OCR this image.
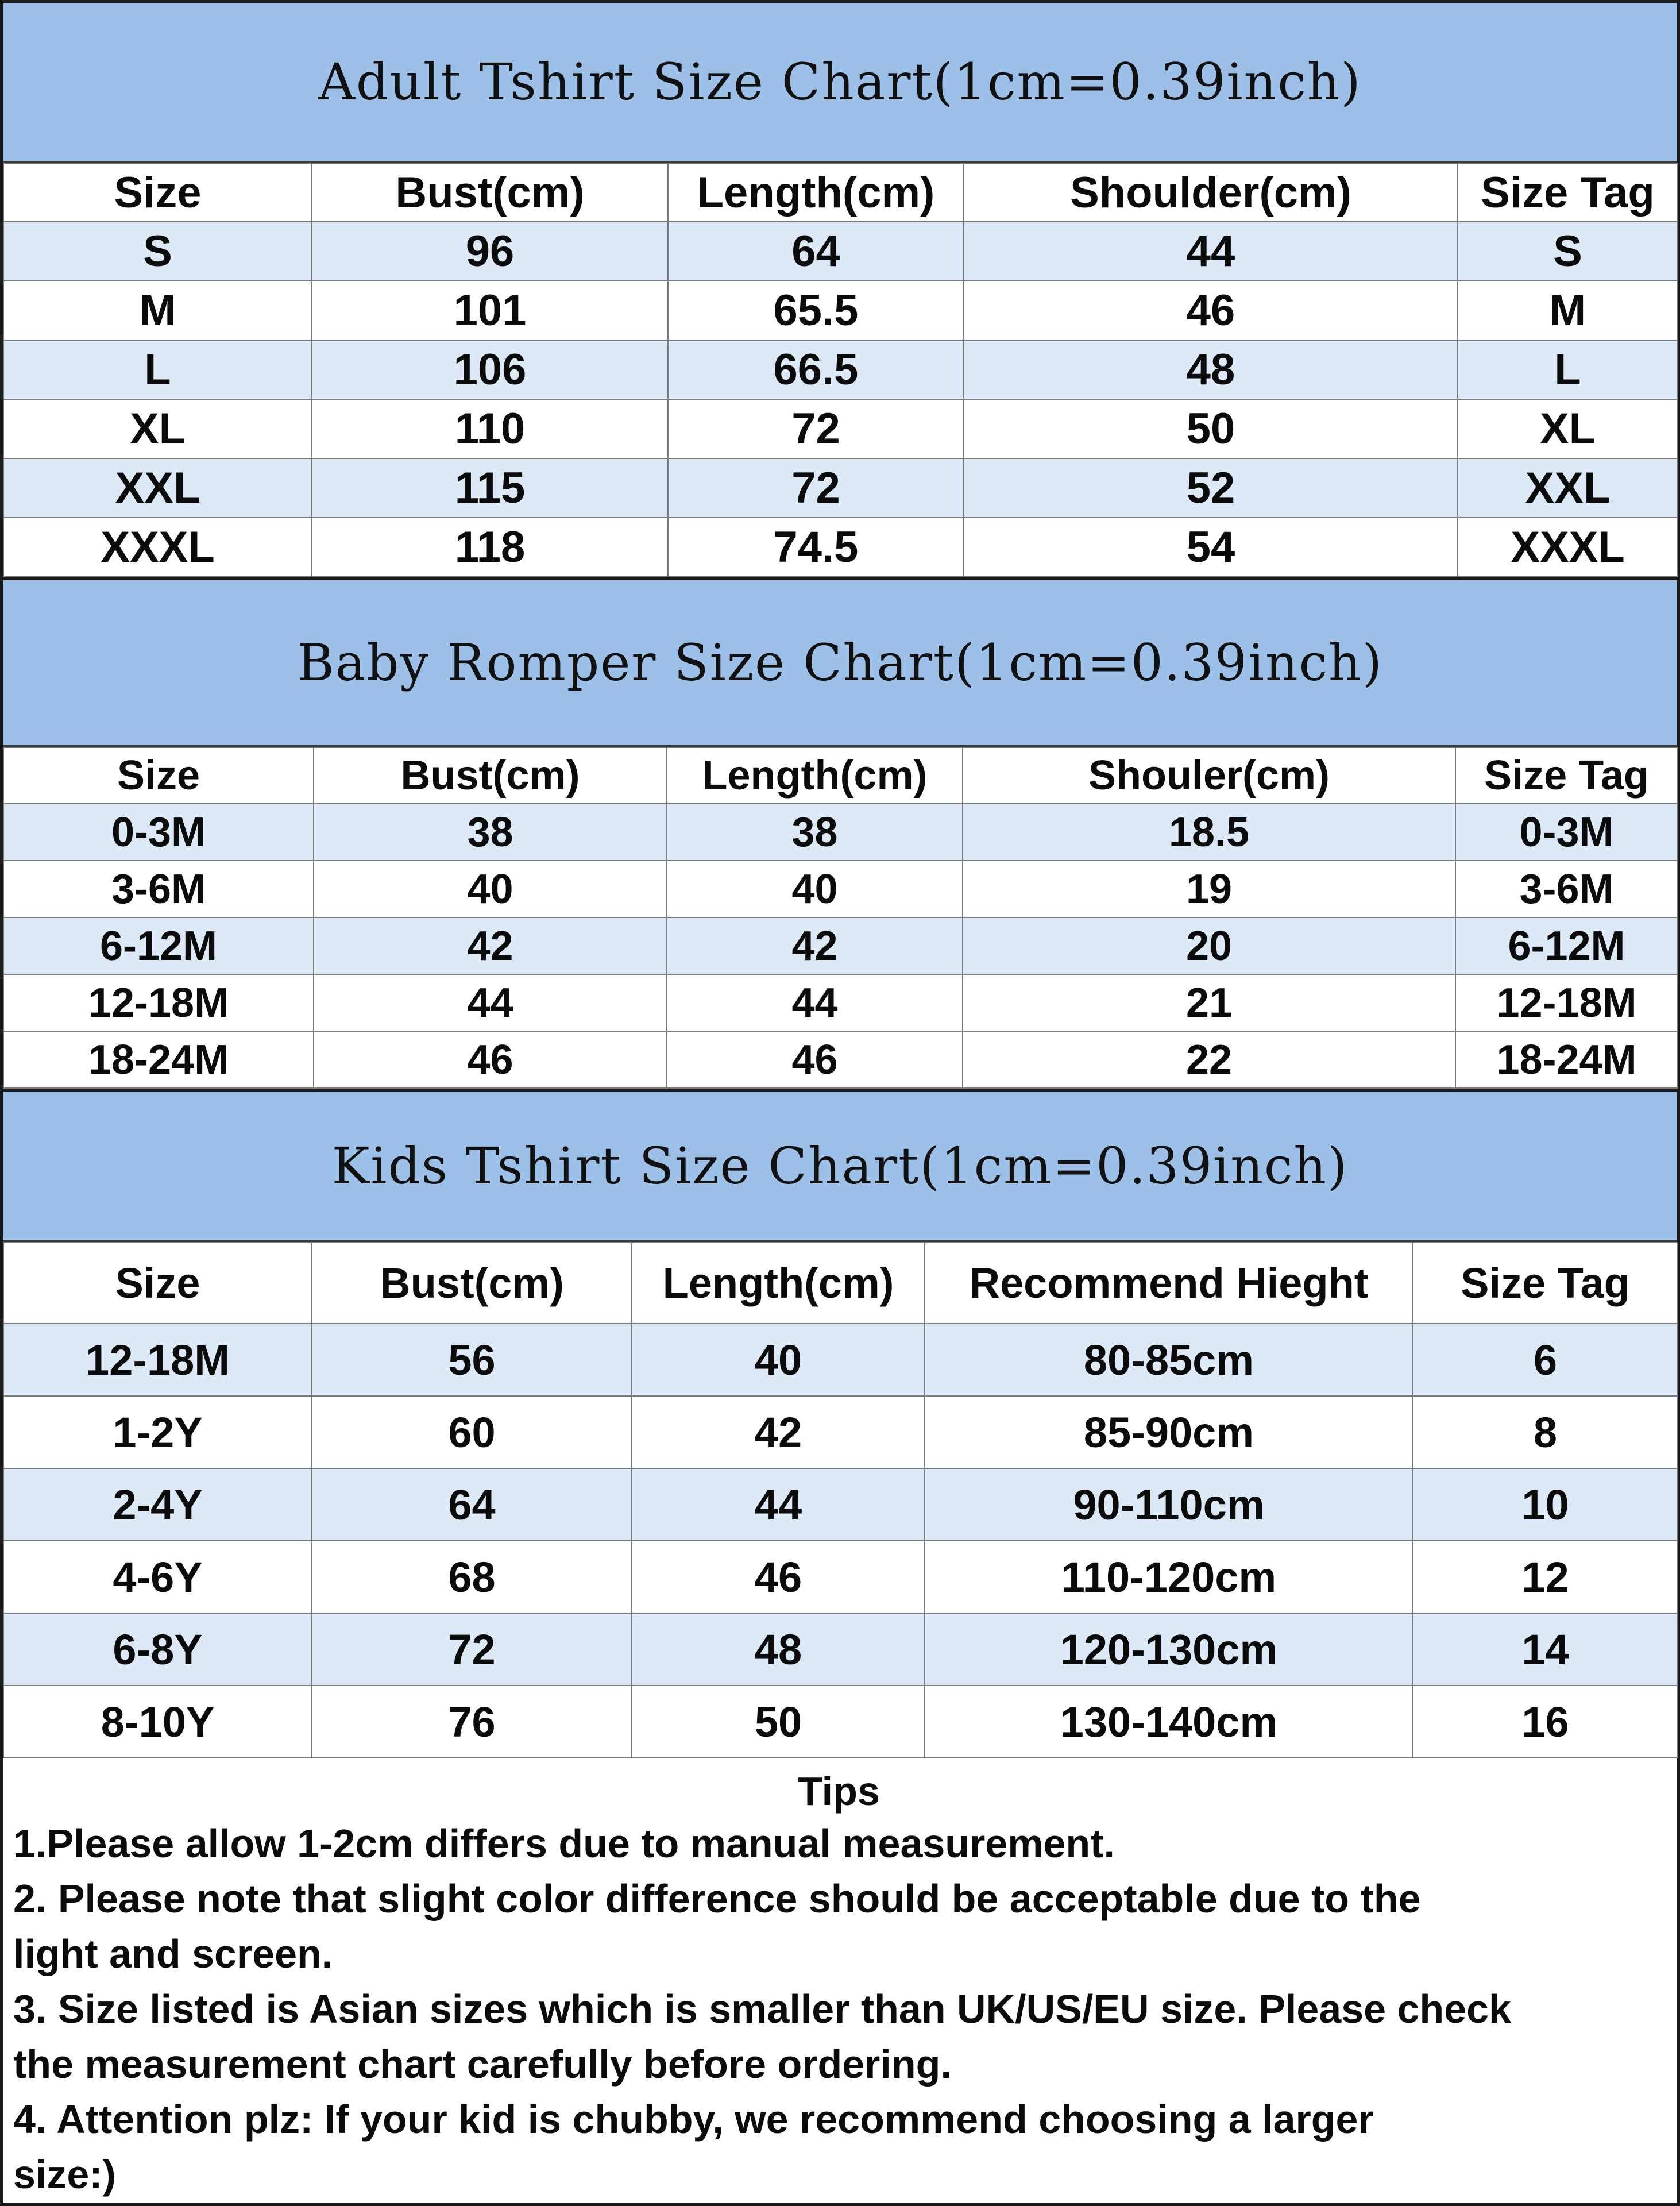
Adult Tshirt Size Chart(1cm=0.39inch)
Size	Bust(cm)	Length(cm)	Shoulder(cm)	Size Tag
S	96	64	44	S
M	101	65.5	46	M
L	106	66.5	48	L
XL	110	72	50	XL
XXL	115	72	52	XXL
XXXL	118	74.5	54	XXXL
Baby Romper Size Chart(1cm=0.39inch)
Size	Bust(cm)	Length(cm)	Shouler(cm)	Size Tag
0-3M	38	38	18.5	0-3M
3-6M	40	40	19	3-6M
6-12M	42	42	20	6-12M
12-18M	44	44	21	12-18M
18-24M	46	46	22	18-24M
Kids Tshirt Size Chart(1cm=0.39inch)
Size	Bust(cm)	Length(cm)	Recommend Hieght	Size Tag
12-18M	56	40	80-85cm	6
1-2Y	60	42	85-90cm	8
2-4Y	64	44	90-110cm	10
4-6Y	68	46	110-120cm	12
6-8Y	72	48	120-130cm	14
8-10Y	76	50	130-140cm	16
Tips

1.Please allow 1-2cm differs due to manual measurement.

2. Please note that slight color difference should be acceptable due to the

light and screen.

3. Size listed is Asian sizes which is smaller than UK/US/EU size. Please check

the measurement chart carefully before ordering.

4. Attention plz: If your kid is chubby, we recommend choosing a larger

size:)
